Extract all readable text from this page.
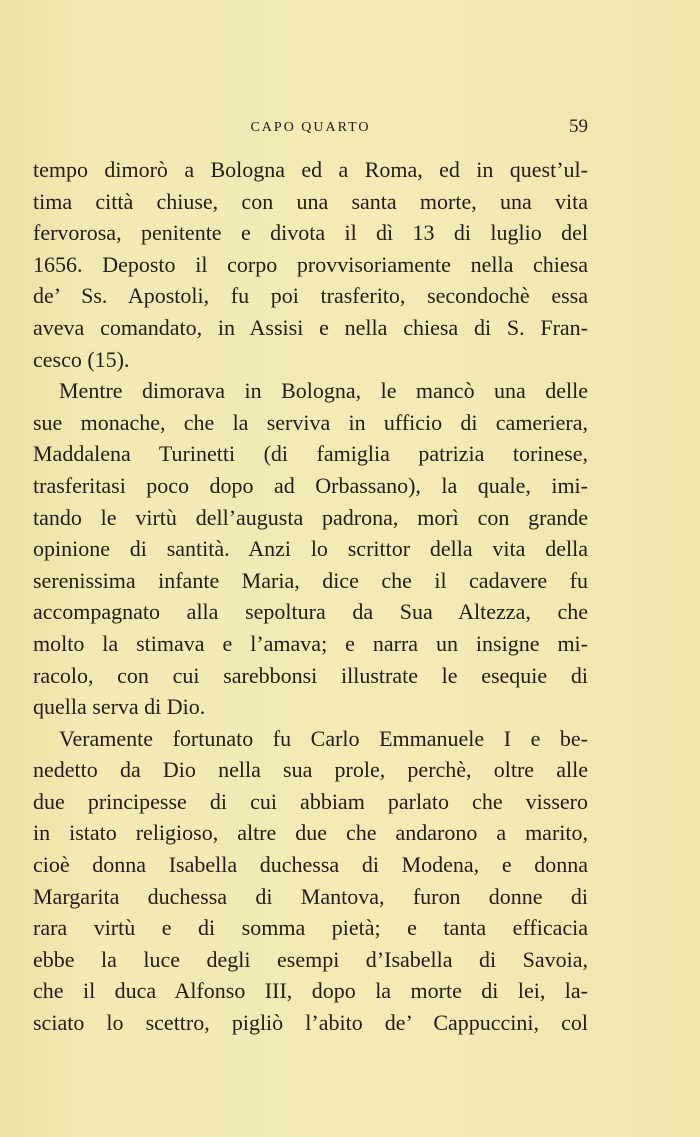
CAPO QUARTO	59
tempo dimorò a Bologna ed a Roma, ed in quest’ul-
tima città chiuse, con una santa morte, una vita
fervorosa, penitente e divota il dì 13 di luglio del
1656. Deposto il corpo provvisoriamente nella chiesa
de’ Ss. Apostoli, fu poi trasferito, secondochè essa
aveva comandato, in Assisi e nella chiesa di S. Fran-
cesco (15).
Mentre dimorava in Bologna, le mancò una delle
sue monache, che la serviva in ufficio di cameriera,
Maddalena Turinetti (di famiglia patrizia torinese,
trasferitasi poco dopo ad Orbassano), la quale, imi-
tando le virtù dell’augusta padrona, morì con grande
opinione di santità. Anzi lo scrittor della vita della
serenissima infante Maria, dice che il cadavere fu
accompagnato alla sepoltura da Sua Altezza, che
molto la stimava e l’amava; e narra un insigne mi-
racolo, con cui sarebbonsi illustrate le esequie di
quella serva di Dio.
Veramente fortunato fu Carlo Emmanuele I e be-
nedetto da Dio nella sua prole, perchè, oltre alle
due principesse di cui abbiam parlato che vissero
in istato religioso, altre due che andarono a marito,
cioè donna Isabella duchessa di Modena, e donna
Margarita duchessa di Mantova, furon donne di
rara virtù e di somma pietà; e tanta efficacia
ebbe la luce degli esempi d’Isabella di Savoia,
che il duca Alfonso III, dopo la morte di lei, la-
sciato lo scettro, pigliò l’abito de’ Cappuccini, col
